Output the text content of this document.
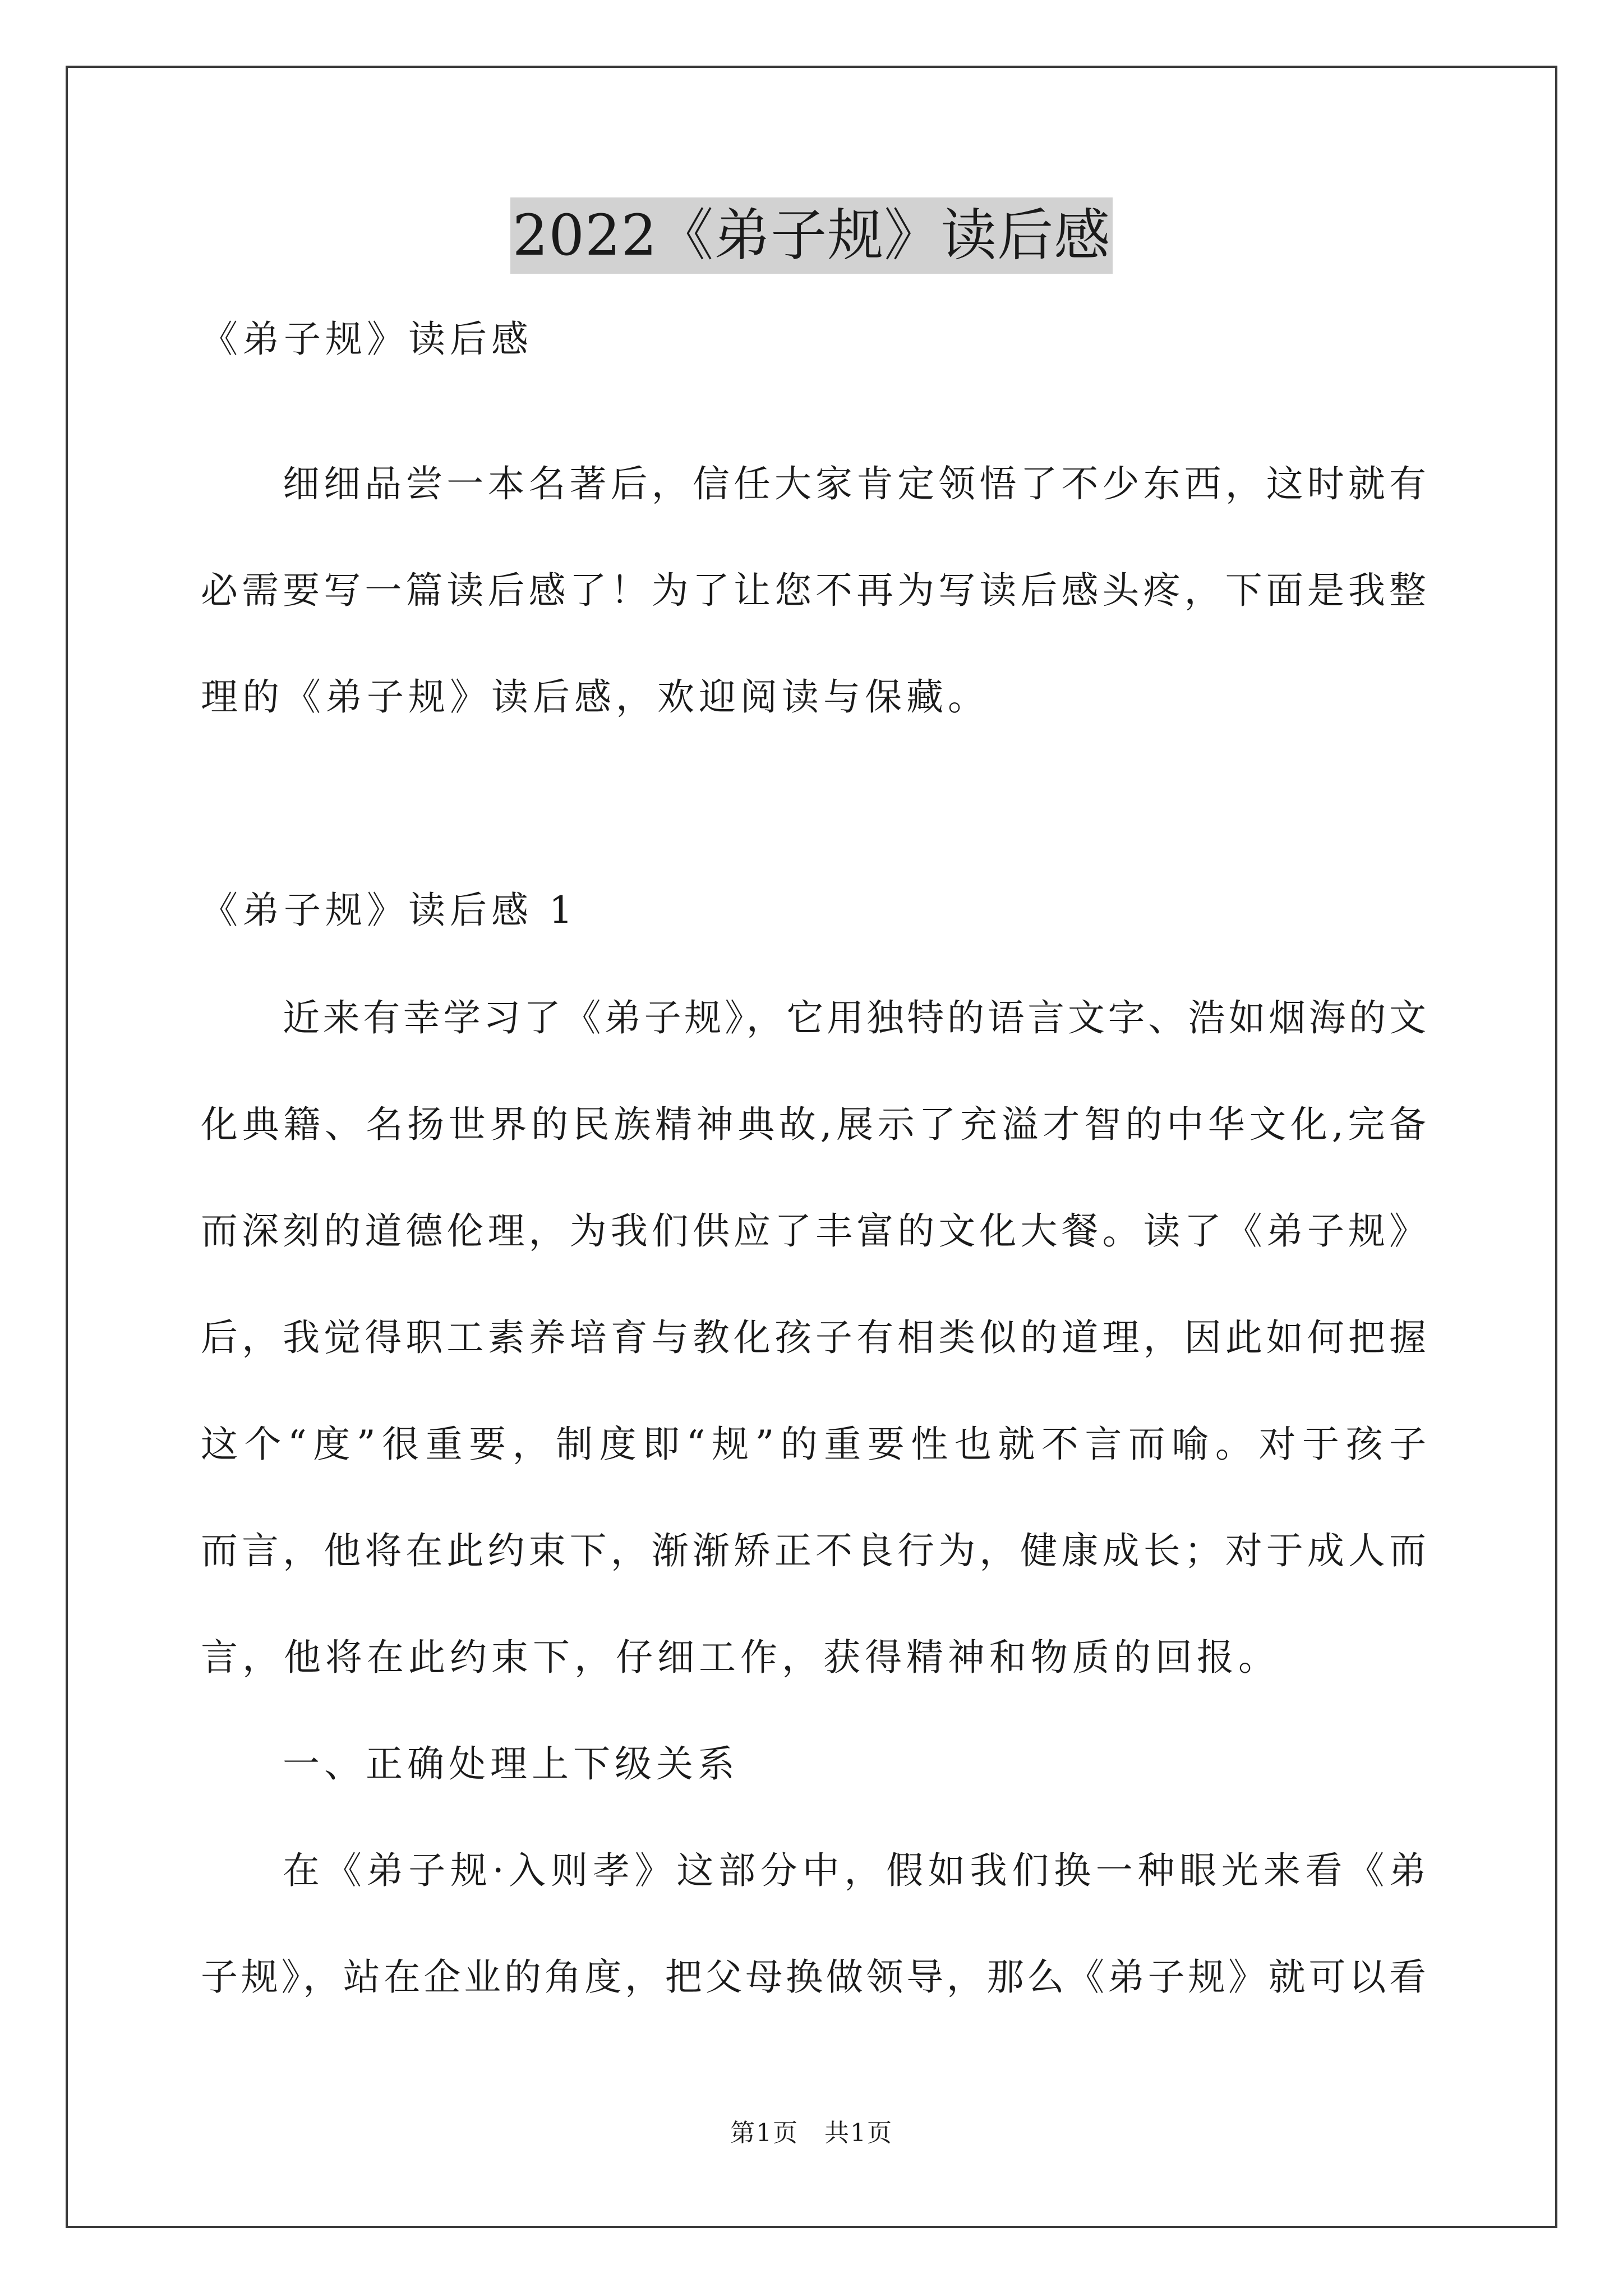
2022《弟子规》读后感
《弟子规》读后感
细细品尝一本名著后，信任大家肯定领悟了不少东西，这时就有
必需要写一篇读后感了！为了让您不再为写读后感头疼，下面是我整
理的《弟子规》读后感，欢迎阅读与保藏。
《弟子规》读后感 1
近来有幸学习了《弟子规》，它用独特的语言文字、浩如烟海的文
化典籍、名扬世界的民族精神典故,展示了充溢才智的中华文化,完备
而深刻的道德伦理，为我们供应了丰富的文化大餐。读了《弟子规》
后，我觉得职工素养培育与教化孩子有相类似的道理，因此如何把握
这个“度”很重要，制度即“规”的重要性也就不言而喻。对于孩子
而言，他将在此约束下，渐渐矫正不良行为，健康成长；对于成人而
言，他将在此约束下，仔细工作，获得精神和物质的回报。
一、正确处理上下级关系
在《弟子规·入则孝》这部分中，假如我们换一种眼光来看《弟
子规》，站在企业的角度，把父母换做领导，那么《弟子规》就可以看
第1页　共1页
